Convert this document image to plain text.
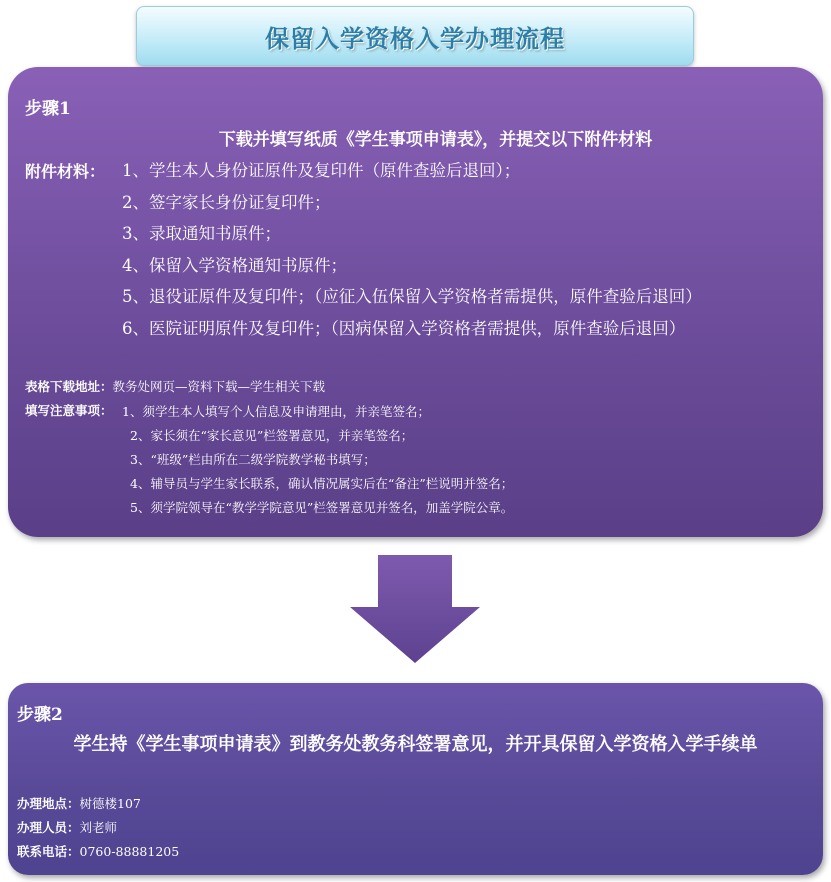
保留入学资格入学办理流程
步骤1
下载并填写纸质《学生事项申请表》，并提交以下附件材料
附件材料： 1、学生本人身份证原件及复印件（原件查验后退回）；
2、签字家长身份证复印件；
3、录取通知书原件；
4、保留入学资格通知书原件；
5、退役证原件及复印件；（应征入伍保留入学资格者需提供，原件查验后退回）
6、医院证明原件及复印件；（因病保留入学资格者需提供，原件查验后退回）
表格下载地址：教务处网页—资料下载—学生相关下载
填写注意事项： 1、须学生本人填写个人信息及申请理由，并亲笔签名；
2、家长须在“家长意见”栏签署意见，并亲笔签名；
3、“班级”栏由所在二级学院教学秘书填写；
4、辅导员与学生家长联系，确认情况属实后在“备注”栏说明并签名；
5、须学院领导在“教学学院意见”栏签署意见并签名，加盖学院公章。
步骤2
学生持《学生事项申请表》到教务处教务科签署意见，并开具保留入学资格入学手续单
办理地点：树德楼107
办理人员：刘老师
联系电话：0760-88881205
